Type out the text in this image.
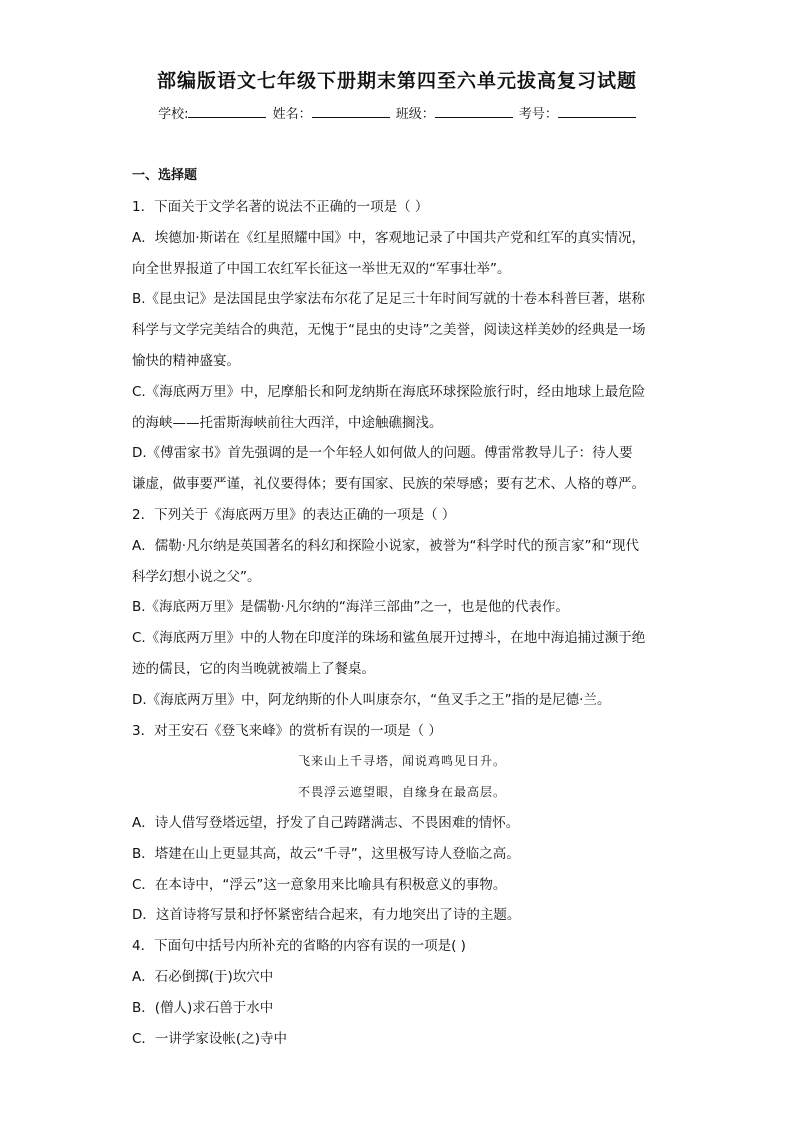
部编版语文七年级下册期末第四至六单元拔高复习试题
学校:	姓名：	班级：	考号：
一、选择题
1．下面关于文学名著的说法不正确的一项是（ ）
A．埃德加·斯诺在《红星照耀中国》中，客观地记录了中国共产党和红军的真实情况，
向全世界报道了中国工农红军长征这一举世无双的“军事壮举”。
B.《昆虫记》是法国昆虫学家法布尔花了足足三十年时间写就的十卷本科普巨著，堪称
科学与文学完美结合的典范，无愧于“昆虫的史诗”之美誉，阅读这样美妙的经典是一场
愉快的精神盛宴。
C.《海底两万里》中，尼摩船长和阿龙纳斯在海底环球探险旅行时，经由地球上最危险
的海峡——托雷斯海峡前往大西洋，中途触礁搁浅。
D.《傅雷家书》首先强调的是一个年轻人如何做人的问题。傅雷常教导儿子：待人要
谦虚，做事要严谨，礼仪要得体；要有国家、民族的荣辱感；要有艺术、人格的尊严。
2．下列关于《海底两万里》的表达正确的一项是（ ）
A．儒勒·凡尔纳是英国著名的科幻和探险小说家，被誉为“科学时代的预言家”和“现代
科学幻想小说之父”。
B.《海底两万里》是儒勒·凡尔纳的“海洋三部曲”之一，也是他的代表作。
C.《海底两万里》中的人物在印度洋的珠场和鲨鱼展开过搏斗，在地中海追捕过濒于绝
迹的儒艮，它的肉当晚就被端上了餐桌。
D.《海底两万里》中，阿龙纳斯的仆人叫康奈尔，“鱼叉手之王”指的是尼德·兰。
3．对王安石《登飞来峰》的赏析有误的一项是（ ）
飞来山上千寻塔，闻说鸡鸣见日升。
不畏浮云遮望眼，自缘身在最高层。
A．诗人借写登塔远望，抒发了自己踌躇满志、不畏困难的情怀。
B．塔建在山上更显其高，故云“千寻”，这里极写诗人登临之高。
C．在本诗中，“浮云”这一意象用来比喻具有积极意义的事物。
D．这首诗将写景和抒怀紧密结合起来，有力地突出了诗的主题。
4．下面句中括号内所补充的省略的内容有误的一项是( )
A．石必倒掷(于)坎穴中
B．(僧人)求石兽于水中
C．一讲学家设帐(之)寺中
